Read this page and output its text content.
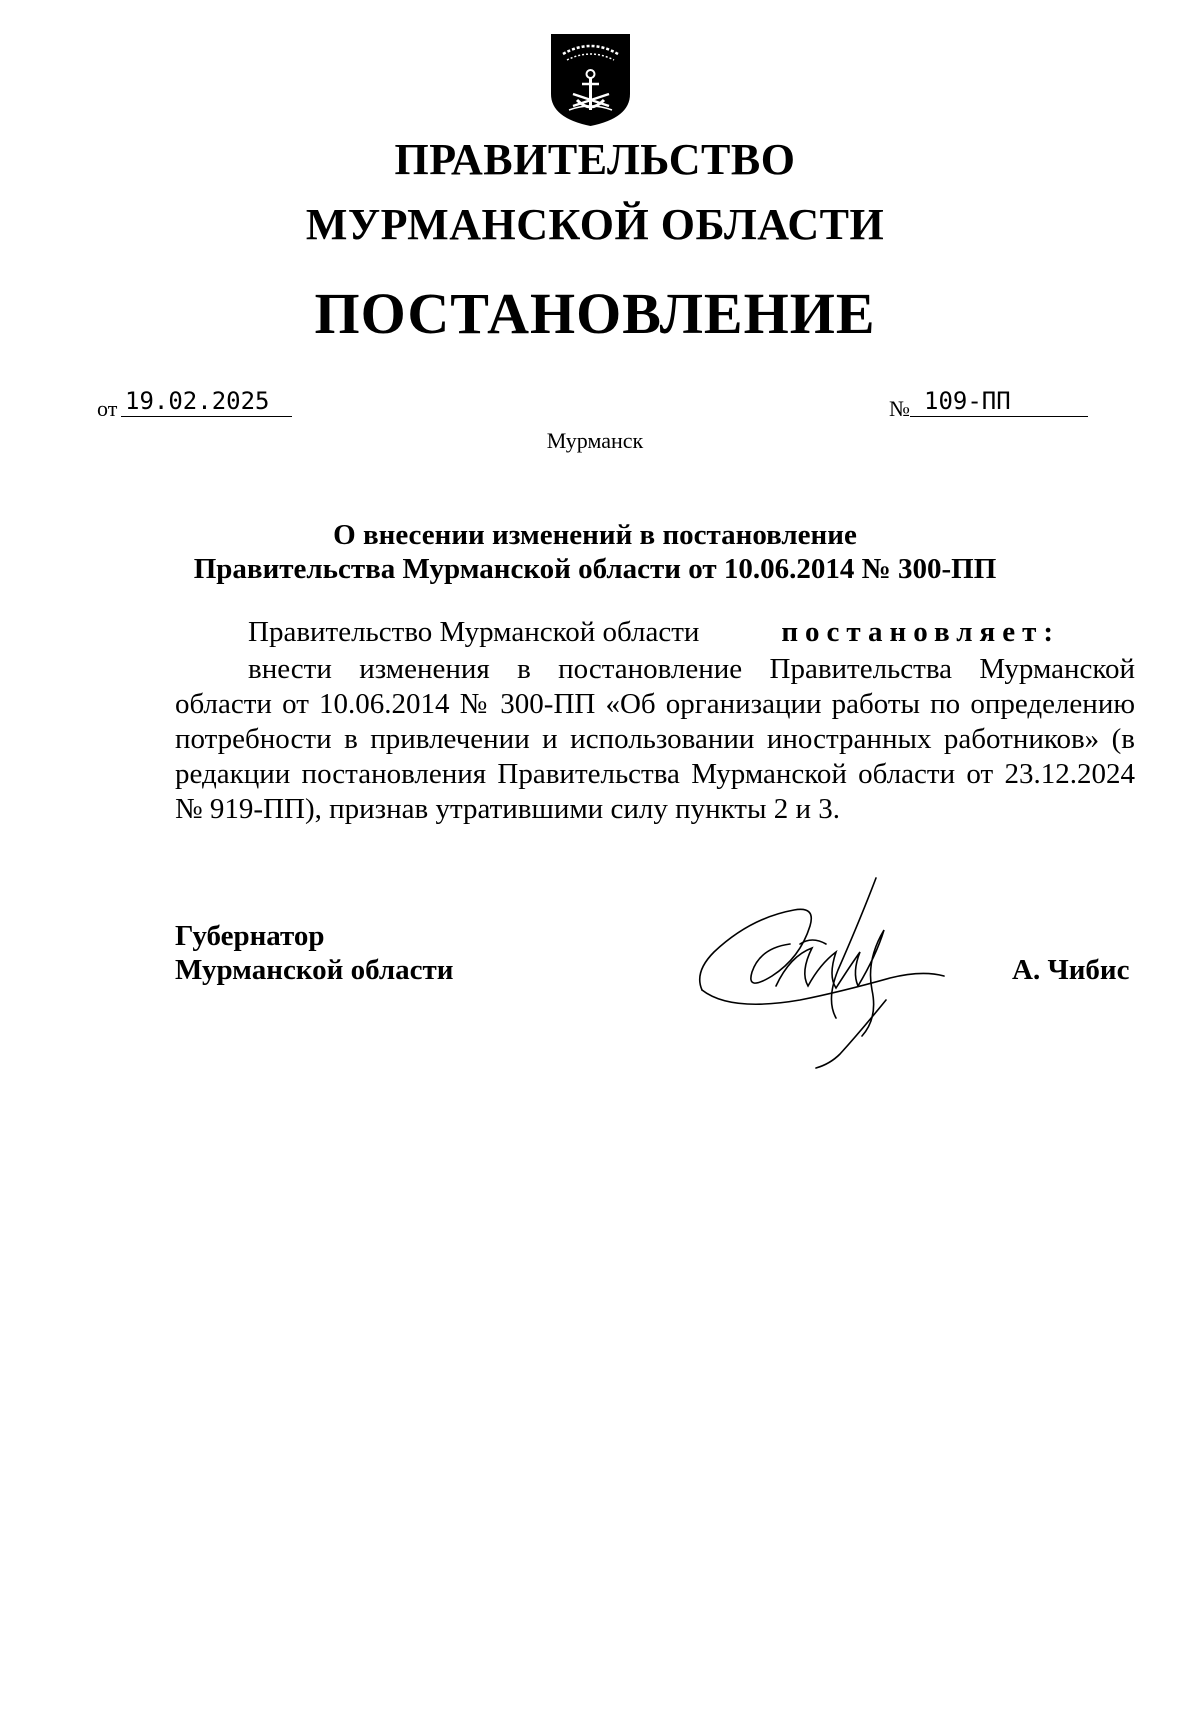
ПРАВИТЕЛЬСТВО
МУРМАНСКОЙ ОБЛАСТИ
ПОСТАНОВЛЕНИЕ
от 19.02.2025	№ 109-ПП
Мурманск
О внесении изменений в постановление
Правительства Мурманской области от 10.06.2014 № 300-ПП
Правительство Мурманской области	постановляет:
внести изменения в постановление Правительства Мурманской области от 10.06.2014 № 300-ПП «Об организации работы по определению потребности в привлечении и использовании иностранных работников» (в редакции постановления Правительства Мурманской области от 23.12.2024 № 919-ПП), признав утратившими силу пункты 2 и 3.
Губернатор
Мурманской области	А. Чибис
